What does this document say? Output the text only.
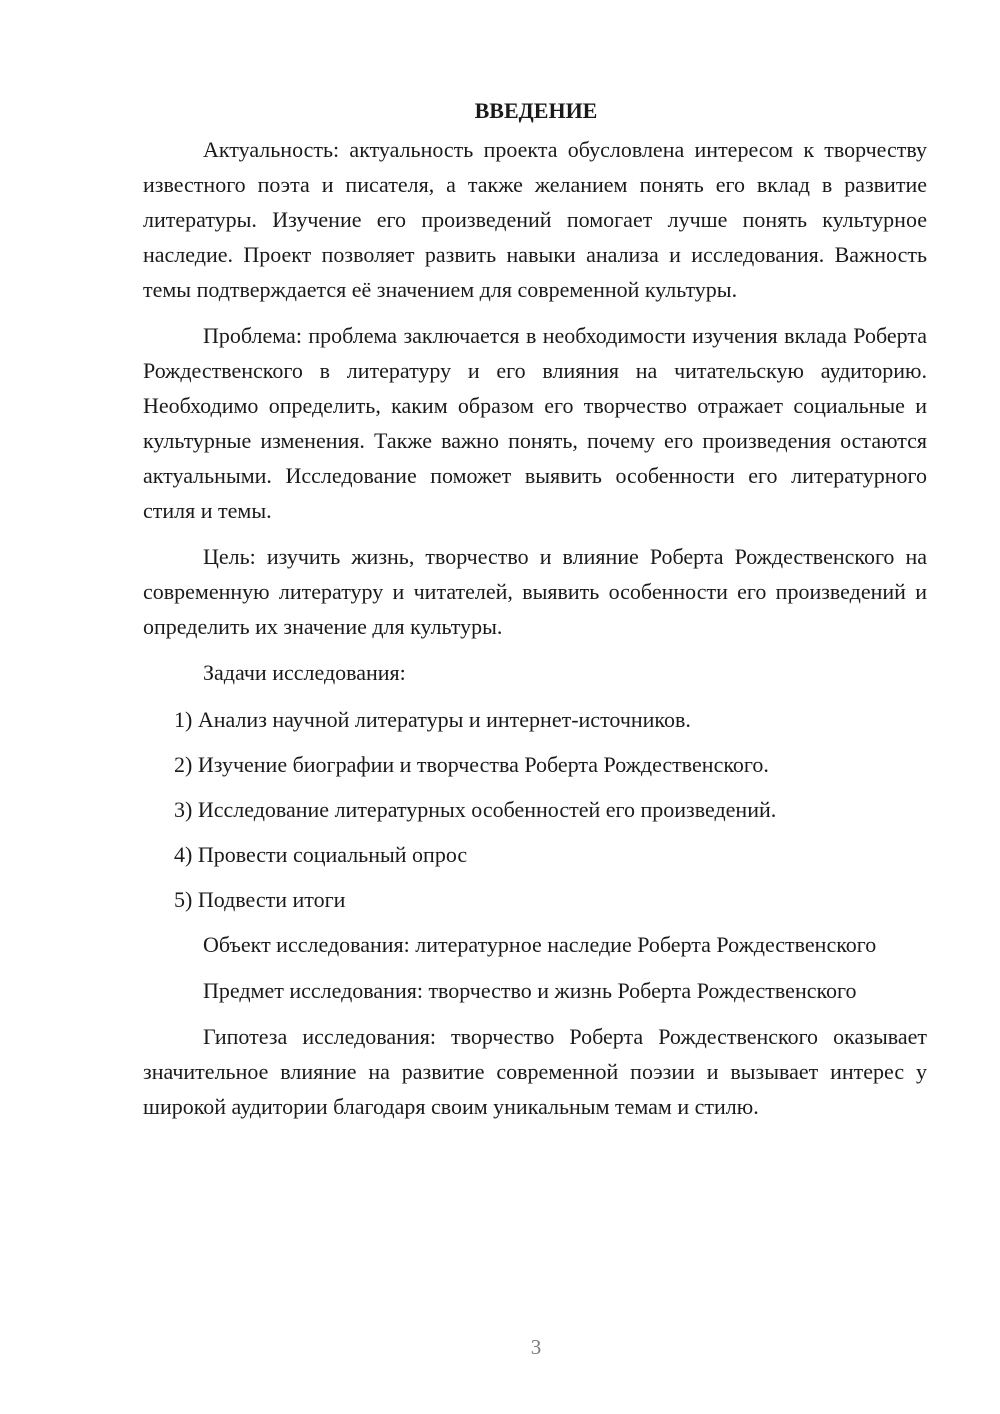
ВВЕДЕНИЕ

Актуальность: актуальность проекта обусловлена интересом к творчеству известного поэта и писателя, а также желанием понять его вклад в развитие литературы. Изучение его произведений помогает лучше понять культурное наследие. Проект позволяет развить навыки анализа и исследования. Важность темы подтверждается её значением для современной культуры.

Проблема: проблема заключается в необходимости изучения вклада Роберта Рождественского в литературу и его влияния на читательскую аудиторию. Необходимо определить, каким образом его творчество отражает социальные и культурные изменения. Также важно понять, почему его произведения остаются актуальными. Исследование поможет выявить особенности его литературного стиля и темы.

Цель: изучить жизнь, творчество и влияние Роберта Рождественского на современную литературу и читателей, выявить особенности его произведений и определить их значение для культуры.

Задачи исследования:
1) Анализ научной литературы и интернет-источников.
2) Изучение биографии и творчества Роберта Рождественского.
3) Исследование литературных особенностей его произведений.
4) Провести социальный опрос
5) Подвести итоги

Объект исследования: литературное наследие Роберта Рождественского

Предмет исследования: творчество и жизнь Роберта Рождественского

Гипотеза исследования: творчество Роберта Рождественского оказывает значительное влияние на развитие современной поэзии и вызывает интерес у широкой аудитории благодаря своим уникальным темам и стилю.

3
